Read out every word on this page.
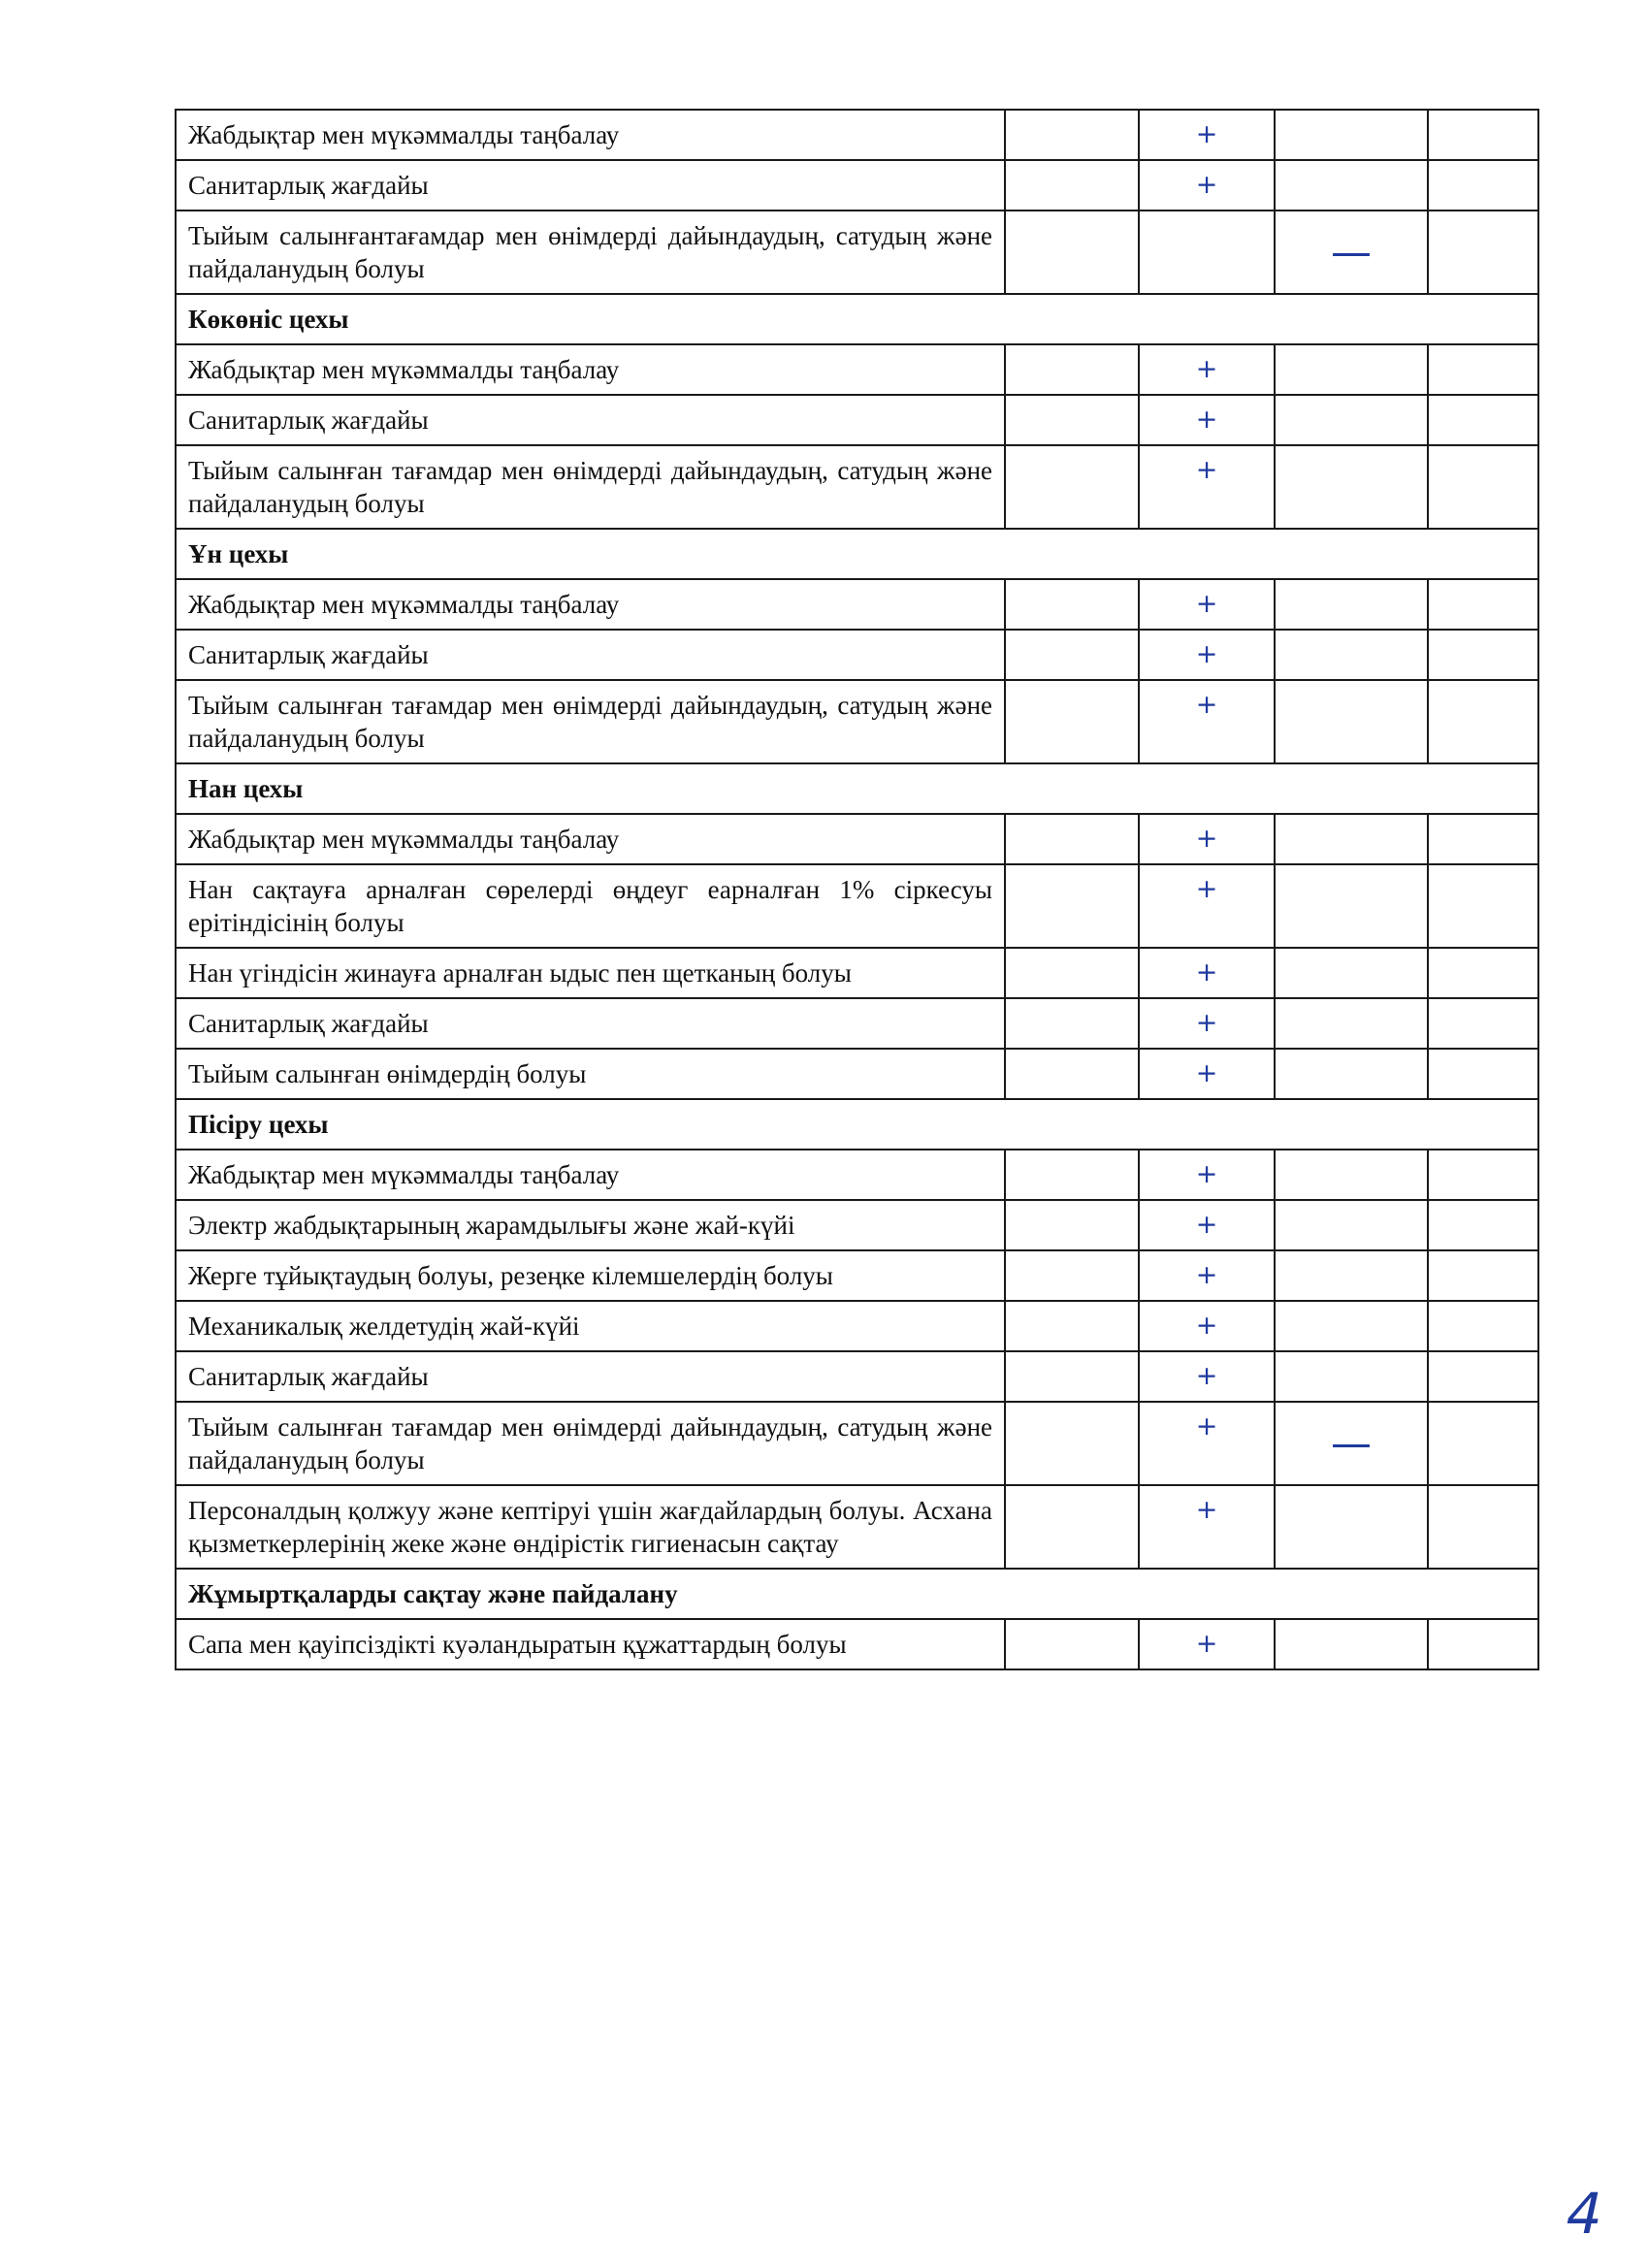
Жабдықтар мен мүкәммалды таңбалау		+		
Санитарлық жағдайы		+		
Тыйым салынғантағамдар мен өнімдерді дайындаудың, сатудың және пайдаланудың болуы			—	
Көкөніс цехы				
Жабдықтар мен мүкәммалды таңбалау		+		
Санитарлық жағдайы		+		
Тыйым салынған тағамдар мен өнімдерді дайындаудың, сатудың және пайдаланудың болуы		+		
Ұн цехы				
Жабдықтар мен мүкәммалды таңбалау		+		
Санитарлық жағдайы		+		
Тыйым салынған тағамдар мен өнімдерді дайындаудың, сатудың және пайдаланудың болуы		+		
Нан цехы				
Жабдықтар мен мүкәммалды таңбалау		+		
Нан сақтауға арналған сөрелерді өңдеуг еарналған 1% сіркесуы ерітіндісінің болуы		+		
Нан үгіндісін жинауға арналған ыдыс пен щетканың болуы		+		
Санитарлық жағдайы		+		
Тыйым салынған өнімдердің болуы		+		
Пісіру цехы				
Жабдықтар мен мүкәммалды таңбалау		+		
Электр жабдықтарының жарамдылығы және жай-күйі		+		
Жерге тұйықтаудың болуы, резеңке кілемшелердің болуы		+		
Механикалық желдетудің жай-күйі		+		
Санитарлық жағдайы		+		
Тыйым салынған тағамдар мен өнімдерді дайындаудың, сатудың және пайдаланудың болуы		+	—	
Персоналдың қолжуу және кептіруі үшін жағдайлардың болуы. Асхана қызметкерлерінің жеке және өндірістік гигиенасын сақтау		+		
Жұмыртқаларды сақтау және пайдалану				
Сапа мен қауіпсіздікті куәландыратын құжаттардың болуы		+		
4
